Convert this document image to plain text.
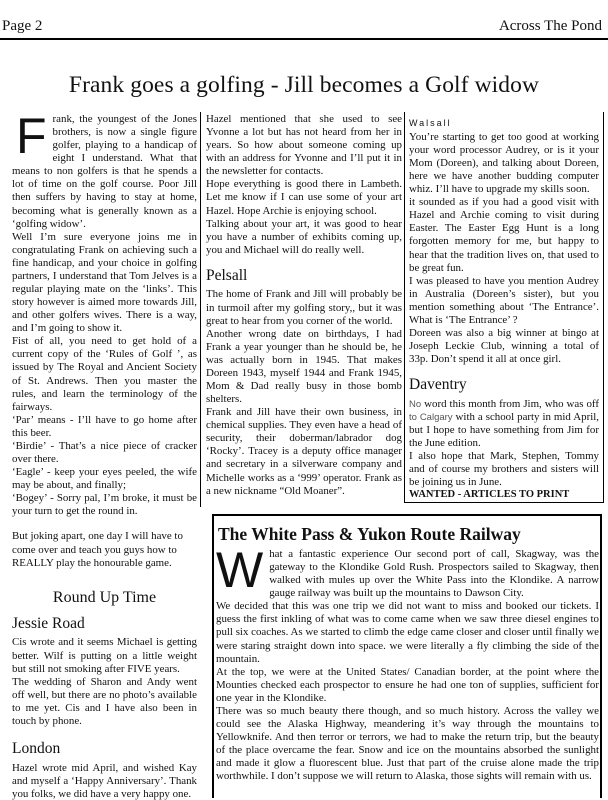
Page 2	Across The Pond
Frank goes a golfing - Jill becomes a Golf widow

Frank, the youngest of the Jones brothers, is now a single figure golfer, playing to a handicap of eight I understand. What that means to non golfers is that he spends a lot of time on the golf course. Poor Jill then suffers by having to stay at home, becoming what is generally known as a ‘golfing widow’.

Well I’m sure everyone joins me in congratulating Frank on achieving such a fine handicap, and your choice in golfing partners, I understand that Tom Jelves is a regular playing mate on the ‘links’. This story however is aimed more towards Jill, and other golfers wives. There is a way, and I’m going to show it.

Fist of all, you need to get hold of a current copy of the ‘Rules of Golf ’, as issued by The Royal and Ancient Society of St. Andrews. Then you master the rules, and learn the terminology of the fairways.

‘Par’ means - I’ll have to go home after this beer.

‘Birdie’ - That’s a nice piece of cracker over there.

‘Eagle’ - keep your eyes peeled, the wife may be about, and finally;

‘Bogey’ - Sorry pal, I’m broke, it must be your turn to get the round in.

But joking apart, one day I will have to come over and teach you guys how to REALLY play the honourable game.

Round Up Time
Jessie Road

Cis wrote and it seems Michael is getting better. Wilf is putting on a little weight but still not smoking after FIVE years.

The wedding of Sharon and Andy went off well, but there are no photo’s available to me yet. Cis and I have also been in touch by phone.

London

Hazel wrote mid April, and wished Kay and myself a ‘Happy Anniversary’. Thank you folks, we did have a very happy one.

Hazel mentioned that she used to see Yvonne a lot but has not heard from her in years. So how about someone coming up with an address for Yvonne and I’ll put it in the newsletter for contacts.

Hope everything is good there in Lambeth. Let me know if I can use some of your art Hazel. Hope Archie is enjoying school.

Talking about your art, it was good to hear you have a number of exhibits coming up, you and Michael will do really well.

Pelsall

The home of Frank and Jill will probably be in turmoil after my golfing story,, but it was great to hear from you corner of the world.

Another wrong date on birthdays, I had Frank a year younger than he should be, he was actually born in 1945. That makes Doreen 1943, myself 1944 and Frank 1945, Mom & Dad really busy in those bomb shelters.

Frank and Jill have their own business, in chemical supplies. They even have a head of security, their doberman/labrador dog ‘Rocky’. Tracey is a deputy office manager and secretary in a silverware company and Michelle works as a ‘999’ operator. Frank as a new nickname “Old Moaner”.

Walsall

You’re starting to get too good at working your word processor Audrey, or is it your Mom (Doreen), and talking about Doreen, here we have another budding computer whiz. I’ll have to upgrade my skills soon.

it sounded as if you had a good visit with Hazel and Archie coming to visit during Easter. The Easter Egg Hunt is a long forgotten memory for me, but happy to hear that the tradition lives on, that used to be great fun.

I was pleased to have you mention Audrey in Australia (Doreen’s sister), but you mention something about ‘The Entrance’. What is ‘The Entrance’ ?

Doreen was also a big winner at bingo at Joseph Leckie Club, winning a total of 33p. Don’t spend it all at once girl.

Daventry

No word this month from Jim, who was off to Calgary with a school party in mid April, but I hope to have something from Jim for the June edition.

I also hope that Mark, Stephen, Tommy and of course my brothers and sisters will be joining us in June.

WANTED - ARTICLES TO PRINT

The White Pass & Yukon Route Railway

What a fantastic experience Our second port of call, Skagway, was the gateway to the Klondike Gold Rush. Prospectors sailed to Skagway, then walked with mules up over the White Pass into the Klondike. A narrow gauge railway was built up the mountains to Dawson City.

We decided that this was one trip we did not want to miss and booked our tickets. I guess the first inkling of what was to come came when we saw three diesel engines to pull six coaches. As we started to climb the edge came closer and closer until finally we were staring straight down into space. we were literally a fly climbing the side of the mountain.

At the top, we were at the United States/ Canadian border, at the point where the Mounties checked each prospector to ensure he had one ton of supplies, sufficient for one year in the Klondike.

There was so much beauty there though, and so much history. Across the valley we could see the Alaska Highway, meandering it’s way through the mountains to Yellowknife. And then terror or terrors, we had to make the return trip, but the beauty of the place overcame the fear. Snow and ice on the mountains absorbed the sunlight and made it glow a fluorescent blue. Just that part of the cruise alone made the trip worthwhile. I don’t suppose we will return to Alaska, those sights will remain with us.
